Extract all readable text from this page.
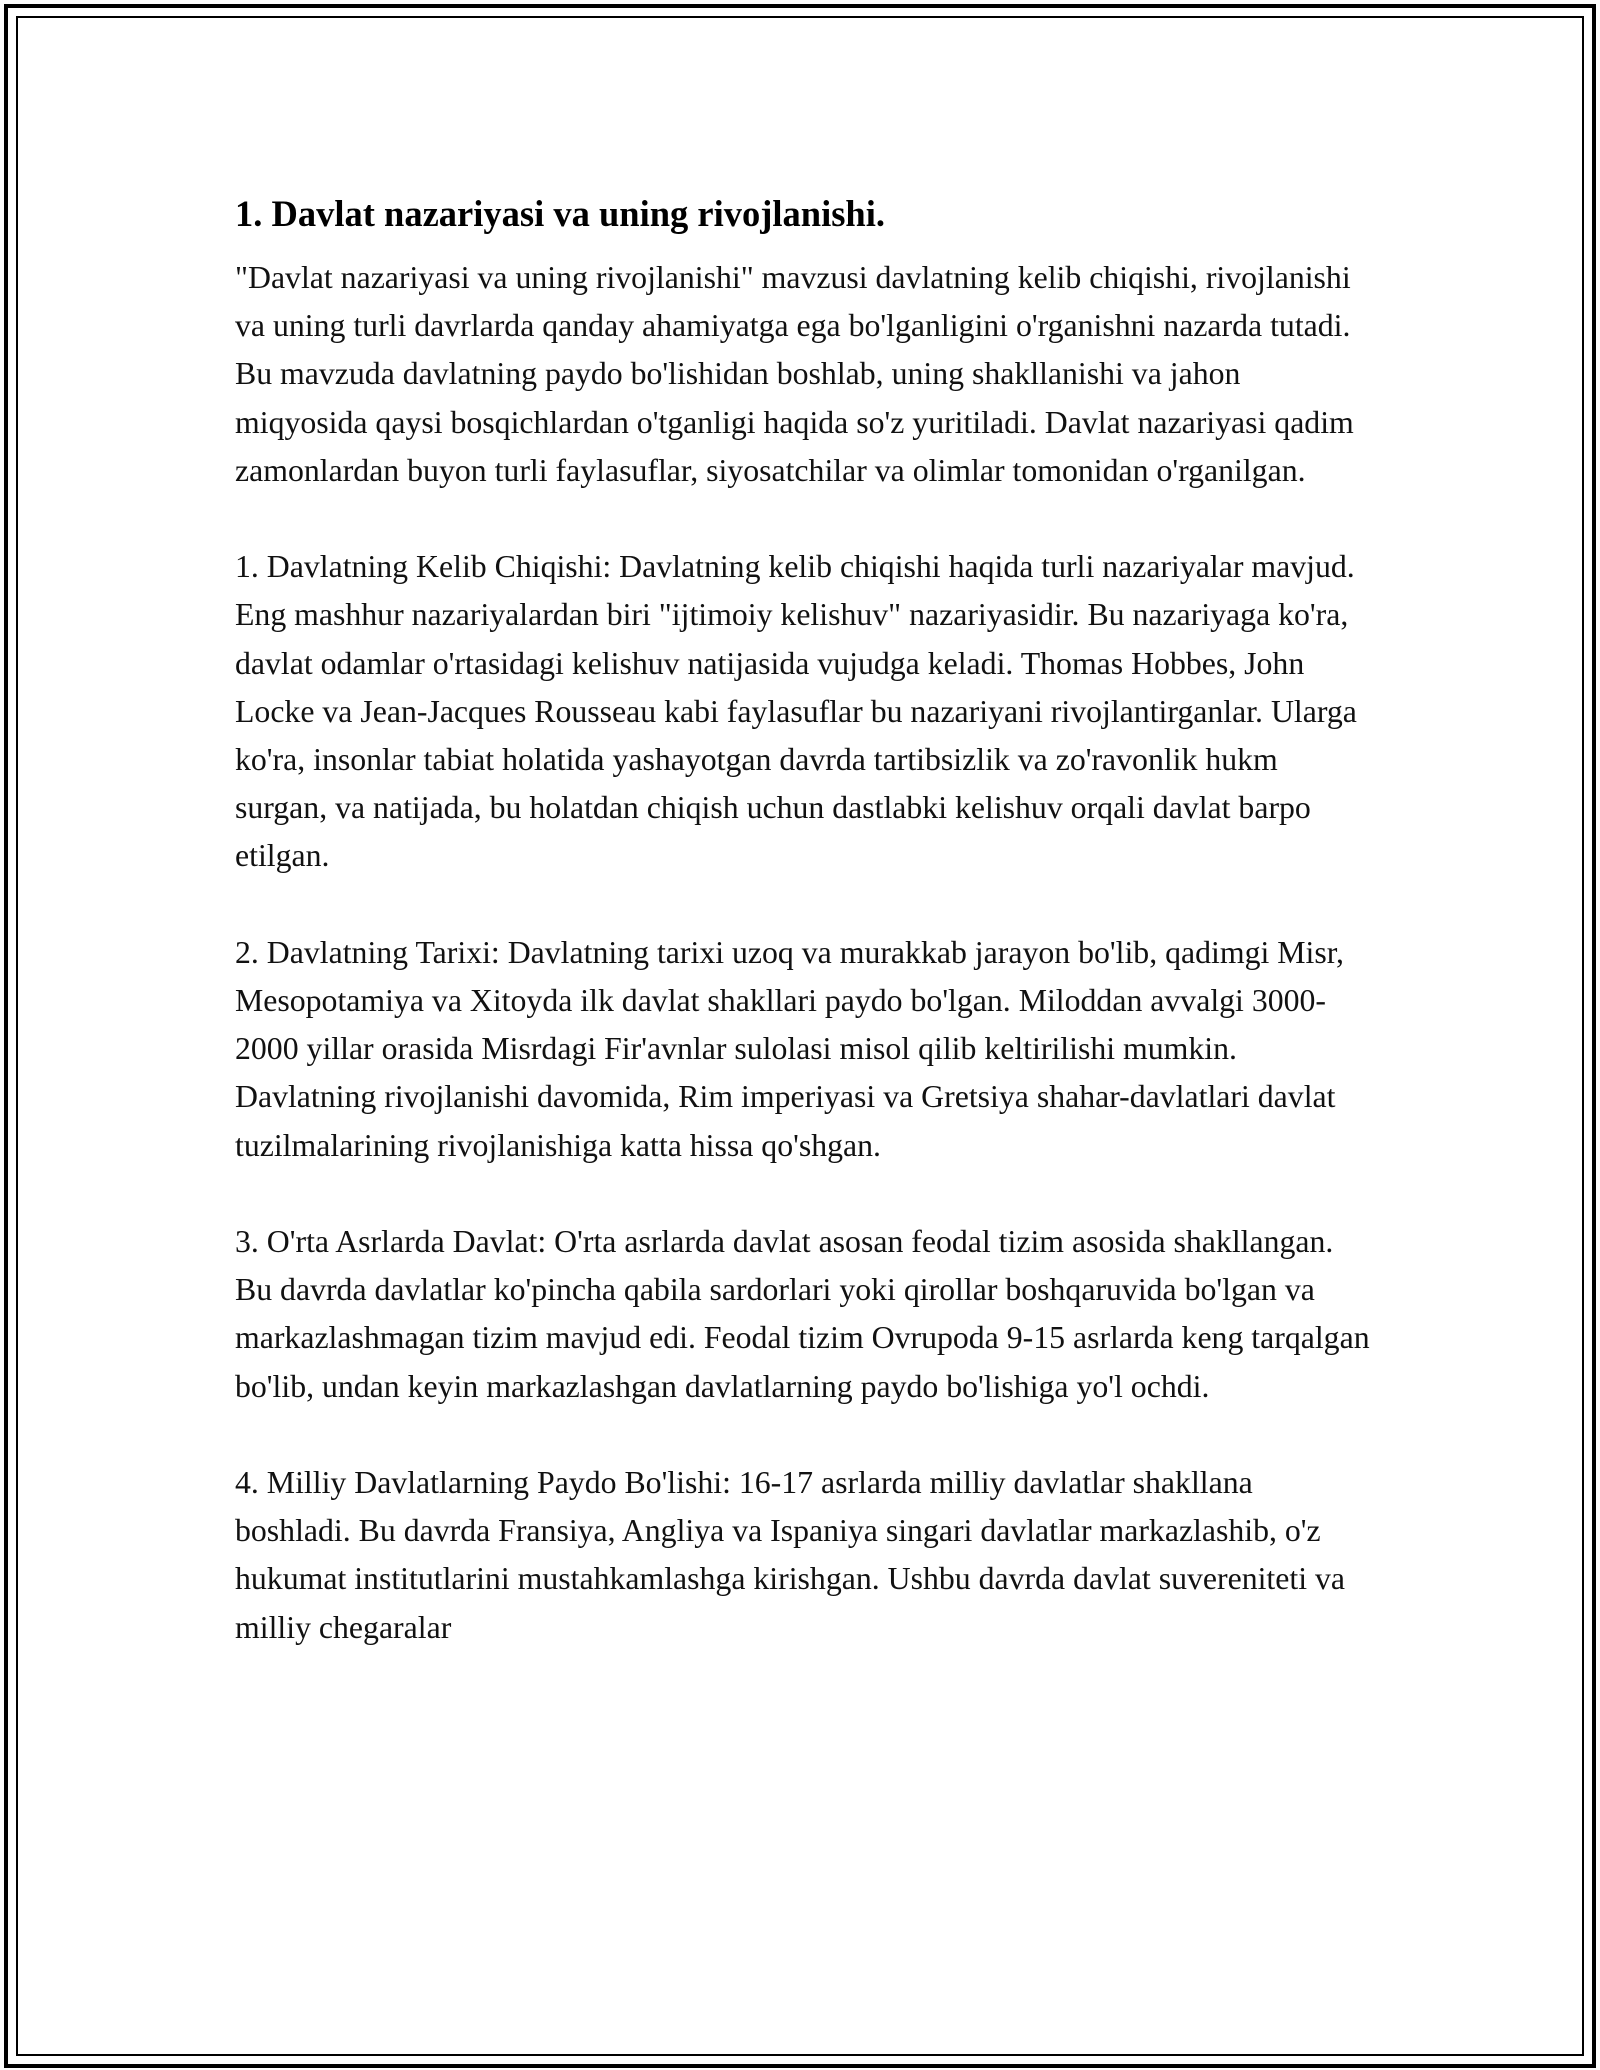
1. Davlat nazariyasi va uning rivojlanishi.

"Davlat nazariyasi va uning rivojlanishi" mavzusi davlatning kelib chiqishi, rivojlanishi va uning turli davrlarda qanday ahamiyatga ega bo'lganligini o'rganishni nazarda tutadi. Bu mavzuda davlatning paydo bo'lishidan boshlab, uning shakllanishi va jahon miqyosida qaysi bosqichlardan o'tganligi haqida so'z yuritiladi. Davlat nazariyasi qadim zamonlardan buyon turli faylasuflar, siyosatchilar va olimlar tomonidan o'rganilgan.

1. Davlatning Kelib Chiqishi: Davlatning kelib chiqishi haqida turli nazariyalar mavjud. Eng mashhur nazariyalardan biri "ijtimoiy kelishuv" nazariyasidir. Bu nazariyaga ko'ra, davlat odamlar o'rtasidagi kelishuv natijasida vujudga keladi. Thomas Hobbes, John Locke va Jean-Jacques Rousseau kabi faylasuflar bu nazariyani rivojlantirganlar. Ularga ko'ra, insonlar tabiat holatida yashayotgan davrda tartibsizlik va zo'ravonlik hukm surgan, va natijada, bu holatdan chiqish uchun dastlabki kelishuv orqali davlat barpo etilgan.

2. Davlatning Tarixi: Davlatning tarixi uzoq va murakkab jarayon bo'lib, qadimgi Misr, Mesopotamiya va Xitoyda ilk davlat shakllari paydo bo'lgan. Miloddan avvalgi 3000-2000 yillar orasida Misrdagi Fir'avnlar sulolasi misol qilib keltirilishi mumkin. Davlatning rivojlanishi davomida, Rim imperiyasi va Gretsiya shahar-davlatlari davlat tuzilmalarining rivojlanishiga katta hissa qo'shgan.

3. O'rta Asrlarda Davlat: O'rta asrlarda davlat asosan feodal tizim asosida shakllangan. Bu davrda davlatlar ko'pincha qabila sardorlari yoki qirollar boshqaruvida bo'lgan va markazlashmagan tizim mavjud edi. Feodal tizim Ovrupoda 9-15 asrlarda keng tarqalgan bo'lib, undan keyin markazlashgan davlatlarning paydo bo'lishiga yo'l ochdi.

4. Milliy Davlatlarning Paydo Bo'lishi: 16-17 asrlarda milliy davlatlar shakllana boshladi. Bu davrda Fransiya, Angliya va Ispaniya singari davlatlar markazlashib, o'z hukumat institutlarini mustahkamlashga kirishgan. Ushbu davrda davlat suvereniteti va milliy chegaralar
